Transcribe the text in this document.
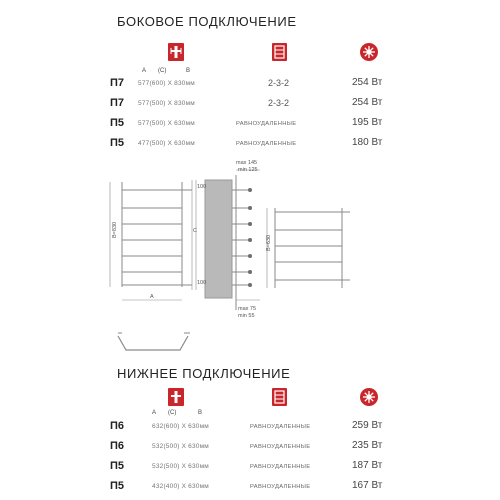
БОКОВОЕ ПОДКЛЮЧЕНИЕ
A (C)	B
П7 577(600) X 830мм	2-3-2	254 Вт
П7 577(500) X 830мм	2-3-2	254 Вт
П5 577(500) X 630мм	РАВНОУДАЛЕННЫЕ	195 Вт
П5 477(500) X 630мм	РАВНОУДАЛЕННЫЕ	180 Вт
max 145
min 125
max 75
min 55
В=830	С
В=630
А
100
100
НИЖНЕЕ ПОДКЛЮЧЕНИЕ
A (C)	B
П6	632(600) X 630мм	РАВНОУДАЛЕННЫЕ	259 Вт
П6	532(500) X 630мм	РАВНОУДАЛЕННЫЕ	235 Вт
П5	532(500) X 630мм	РАВНОУДАЛЕННЫЕ	187 Вт
П5	432(400) X 630мм	РАВНОУДАЛЕННЫЕ	167 Вт
